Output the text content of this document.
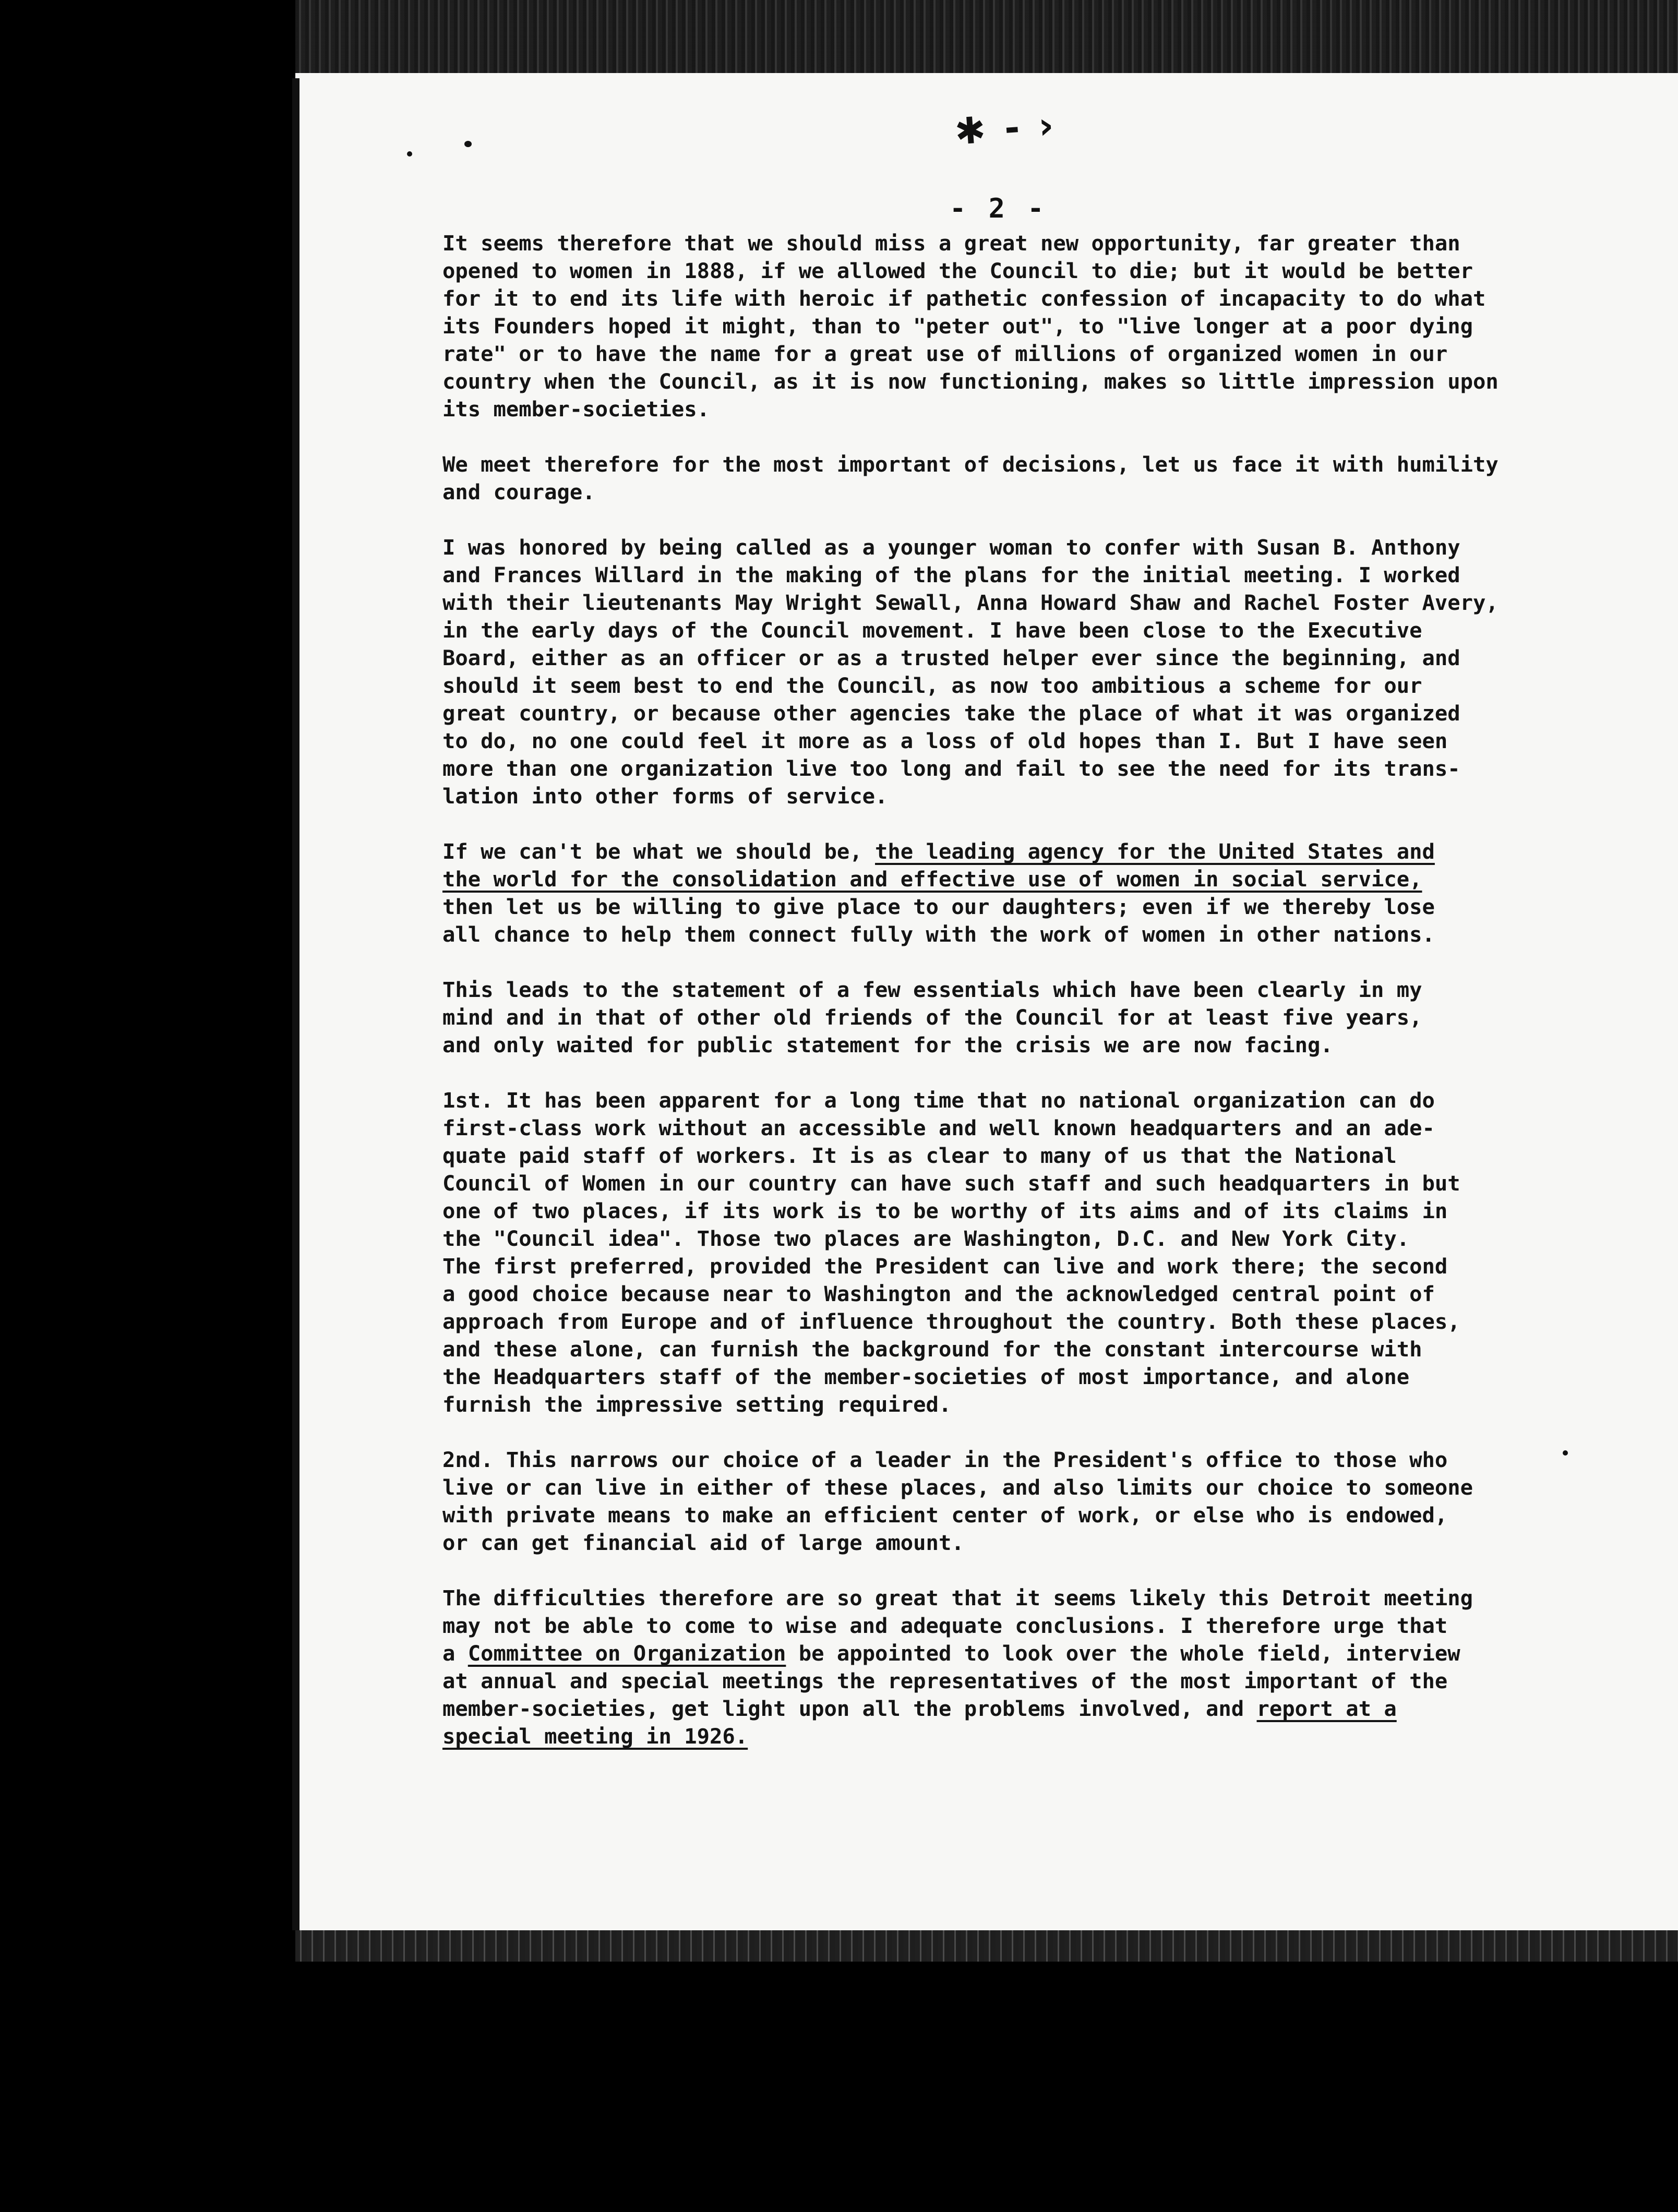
✱ - ›
- 2 -

It seems therefore that we should miss a great new opportunity, far greater than
opened to women in 1888, if we allowed the Council to die; but it would be better
for it to end its life with heroic if pathetic confession of incapacity to do what
its Founders hoped it might, than to "peter out", to "live longer at a poor dying
rate" or to have the name for a great use of millions of organized women in our
country when the Council, as it is now functioning, makes so little impression upon
its member-societies.

We meet therefore for the most important of decisions, let us face it with humility
and courage.

I was honored by being called as a younger woman to confer with Susan B. Anthony
and Frances Willard in the making of the plans for the initial meeting. I worked
with their lieutenants May Wright Sewall, Anna Howard Shaw and Rachel Foster Avery,
in the early days of the Council movement. I have been close to the Executive
Board, either as an officer or as a trusted helper ever since the beginning, and
should it seem best to end the Council, as now too ambitious a scheme for our
great country, or because other agencies take the place of what it was organized
to do, no one could feel it more as a loss of old hopes than I. But I have seen
more than one organization live too long and fail to see the need for its trans-
lation into other forms of service.

If we can't be what we should be, the leading agency for the United States and
the world for the consolidation and effective use of women in social service,
then let us be willing to give place to our daughters; even if we thereby lose
all chance to help them connect fully with the work of women in other nations.

This leads to the statement of a few essentials which have been clearly in my
mind and in that of other old friends of the Council for at least five years,
and only waited for public statement for the crisis we are now facing.

1st. It has been apparent for a long time that no national organization can do
first-class work without an accessible and well known headquarters and an ade-
quate paid staff of workers. It is as clear to many of us that the National
Council of Women in our country can have such staff and such headquarters in but
one of two places, if its work is to be worthy of its aims and of its claims in
the "Council idea". Those two places are Washington, D.C. and New York City.
The first preferred, provided the President can live and work there; the second
a good choice because near to Washington and the acknowledged central point of
approach from Europe and of influence throughout the country. Both these places,
and these alone, can furnish the background for the constant intercourse with
the Headquarters staff of the member-societies of most importance, and alone
furnish the impressive setting required.

2nd. This narrows our choice of a leader in the President's office to those who
live or can live in either of these places, and also limits our choice to someone
with private means to make an efficient center of work, or else who is endowed,
or can get financial aid of large amount.

The difficulties therefore are so great that it seems likely this Detroit meeting
may not be able to come to wise and adequate conclusions. I therefore urge that
a Committee on Organization be appointed to look over the whole field, interview
at annual and special meetings the representatives of the most important of the
member-societies, get light upon all the problems involved, and report at a
special meeting in 1926.
